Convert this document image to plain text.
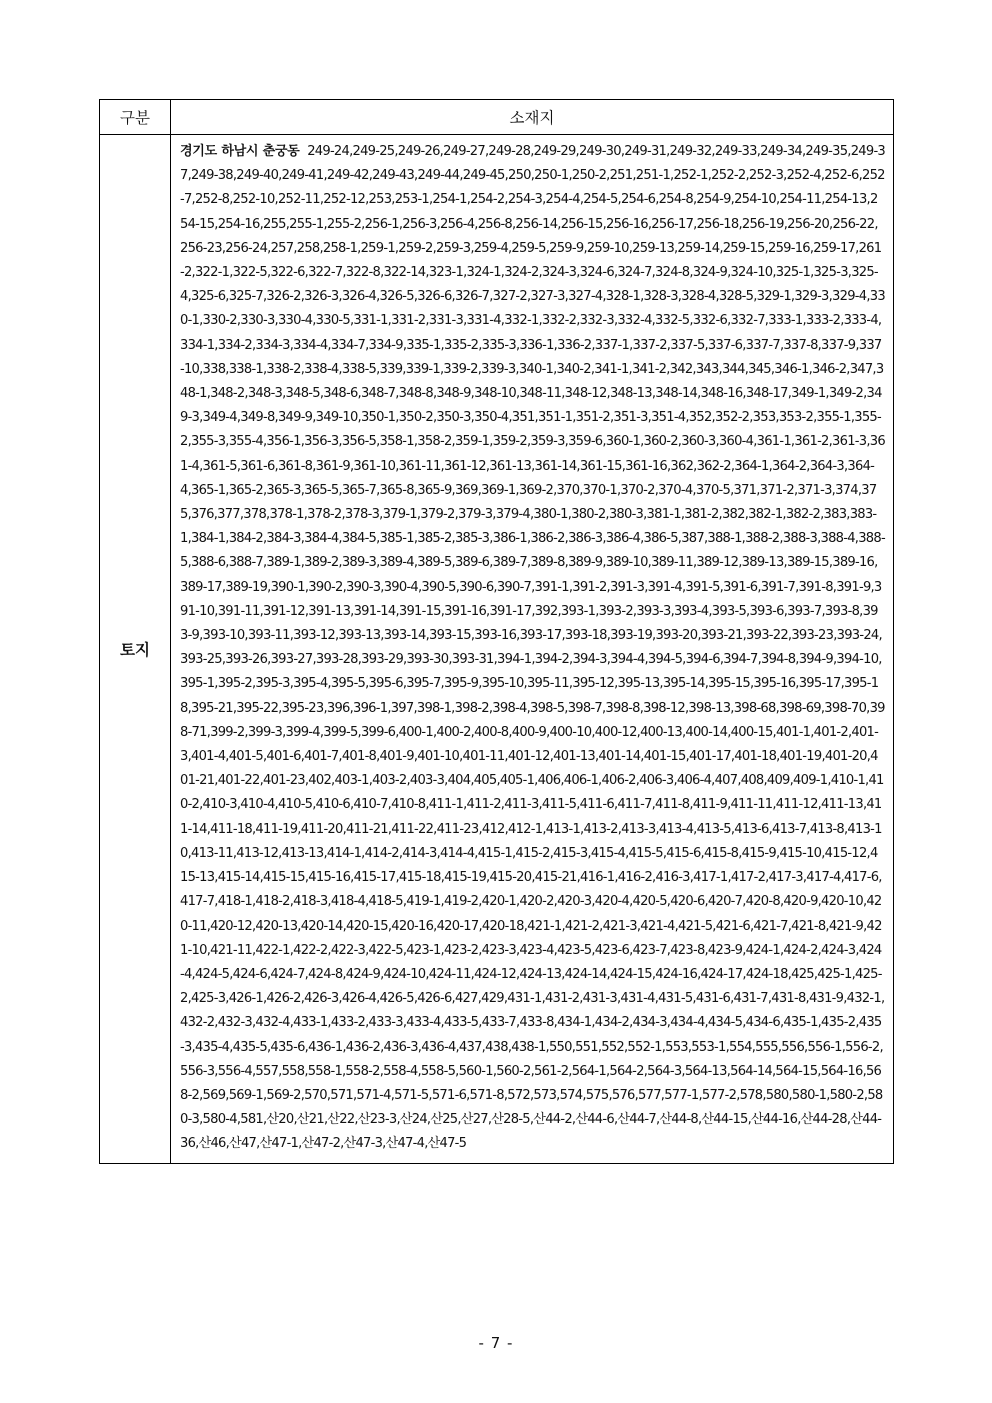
구분	소재지
토지	경기도 하남시 춘궁동 249-24,249-25,249-26,249-27,249-28,249-29,249-30,249-31,249-32,249-33,249-34,249-35,249-37,249-38,249-40,249-41,249-42,249-43,249-44,249-45,250,250-1,250-2,251,251-1,252-1,252-2,252-3,252-4,252-6,252-7,252-8,252-10,252-11,252-12,253,253-1,254-1,254-2,254-3,254-4,254-5,254-6,254-8,254-9,254-10,254-11,254-13,254-15,254-16,255,255-1,255-2,256-1,256-3,256-4,256-8,256-14,256-15,256-16,256-17,256-18,256-19,256-20,256-22,256-23,256-24,257,258,258-1,259-1,259-2,259-3,259-4,259-5,259-9,259-10,259-13,259-14,259-15,259-16,259-17,261-2,322-1,322-5,322-6,322-7,322-8,322-14,323-1,324-1,324-2,324-3,324-6,324-7,324-8,324-9,324-10,325-1,325-3,325-4,325-6,325-7,326-2,326-3,326-4,326-5,326-6,326-7,327-2,327-3,327-4,328-1,328-3,328-4,328-5,329-1,329-3,329-4,330-1,330-2,330-3,330-4,330-5,331-1,331-2,331-3,331-4,332-1,332-2,332-3,332-4,332-5,332-6,332-7,333-1,333-2,333-4,334-1,334-2,334-3,334-4,334-7,334-9,335-1,335-2,335-3,336-1,336-2,337-1,337-2,337-5,337-6,337-7,337-8,337-9,337-10,338,338-1,338-2,338-4,338-5,339,339-1,339-2,339-3,340-1,340-2,341-1,341-2,342,343,344,345,346-1,346-2,347,348-1,348-2,348-3,348-5,348-6,348-7,348-8,348-9,348-10,348-11,348-12,348-13,348-14,348-16,348-17,349-1,349-2,349-3,349-4,349-8,349-9,349-10,350-1,350-2,350-3,350-4,351,351-1,351-2,351-3,351-4,352,352-2,353,353-2,355-1,355-2,355-3,355-4,356-1,356-3,356-5,358-1,358-2,359-1,359-2,359-3,359-6,360-1,360-2,360-3,360-4,361-1,361-2,361-3,361-4,361-5,361-6,361-8,361-9,361-10,361-11,361-12,361-13,361-14,361-15,361-16,362,362-2,364-1,364-2,364-3,364-4,365-1,365-2,365-3,365-5,365-7,365-8,365-9,369,369-1,369-2,370,370-1,370-2,370-4,370-5,371,371-2,371-3,374,375,376,377,378,378-1,378-2,378-3,379-1,379-2,379-3,379-4,380-1,380-2,380-3,381-1,381-2,382,382-1,382-2,383,383-1,384-1,384-2,384-3,384-4,384-5,385-1,385-2,385-3,386-1,386-2,386-3,386-4,386-5,387,388-1,388-2,388-3,388-4,388-5,388-6,388-7,389-1,389-2,389-3,389-4,389-5,389-6,389-7,389-8,389-9,389-10,389-11,389-12,389-13,389-15,389-16,389-17,389-19,390-1,390-2,390-3,390-4,390-5,390-6,390-7,391-1,391-2,391-3,391-4,391-5,391-6,391-7,391-8,391-9,391-10,391-11,391-12,391-13,391-14,391-15,391-16,391-17,392,393-1,393-2,393-3,393-4,393-5,393-6,393-7,393-8,393-9,393-10,393-11,393-12,393-13,393-14,393-15,393-16,393-17,393-18,393-19,393-20,393-21,393-22,393-23,393-24,393-25,393-26,393-27,393-28,393-29,393-30,393-31,394-1,394-2,394-3,394-4,394-5,394-6,394-7,394-8,394-9,394-10,395-1,395-2,395-3,395-4,395-5,395-6,395-7,395-9,395-10,395-11,395-12,395-13,395-14,395-15,395-16,395-17,395-18,395-21,395-22,395-23,396,396-1,397,398-1,398-2,398-4,398-5,398-7,398-8,398-12,398-13,398-68,398-69,398-70,398-71,399-2,399-3,399-4,399-5,399-6,400-1,400-2,400-8,400-9,400-10,400-12,400-13,400-14,400-15,401-1,401-2,401-3,401-4,401-5,401-6,401-7,401-8,401-9,401-10,401-11,401-12,401-13,401-14,401-15,401-17,401-18,401-19,401-20,401-21,401-22,401-23,402,403-1,403-2,403-3,404,405,405-1,406,406-1,406-2,406-3,406-4,407,408,409,409-1,410-1,410-2,410-3,410-4,410-5,410-6,410-7,410-8,411-1,411-2,411-3,411-5,411-6,411-7,411-8,411-9,411-11,411-12,411-13,411-14,411-18,411-19,411-20,411-21,411-22,411-23,412,412-1,413-1,413-2,413-3,413-4,413-5,413-6,413-7,413-8,413-10,413-11,413-12,413-13,414-1,414-2,414-3,414-4,415-1,415-2,415-3,415-4,415-5,415-6,415-8,415-9,415-10,415-12,415-13,415-14,415-15,415-16,415-17,415-18,415-19,415-20,415-21,416-1,416-2,416-3,417-1,417-2,417-3,417-4,417-6,417-7,418-1,418-2,418-3,418-4,418-5,419-1,419-2,420-1,420-2,420-3,420-4,420-5,420-6,420-7,420-8,420-9,420-10,420-11,420-12,420-13,420-14,420-15,420-16,420-17,420-18,421-1,421-2,421-3,421-4,421-5,421-6,421-7,421-8,421-9,421-10,421-11,422-1,422-2,422-3,422-5,423-1,423-2,423-3,423-4,423-5,423-6,423-7,423-8,423-9,424-1,424-2,424-3,424-4,424-5,424-6,424-7,424-8,424-9,424-10,424-11,424-12,424-13,424-14,424-15,424-16,424-17,424-18,425,425-1,425-2,425-3,426-1,426-2,426-3,426-4,426-5,426-6,427,429,431-1,431-2,431-3,431-4,431-5,431-6,431-7,431-8,431-9,432-1,432-2,432-3,432-4,433-1,433-2,433-3,433-4,433-5,433-7,433-8,434-1,434-2,434-3,434-4,434-5,434-6,435-1,435-2,435-3,435-4,435-5,435-6,436-1,436-2,436-3,436-4,437,438,438-1,550,551,552,552-1,553,553-1,554,555,556,556-1,556-2,556-3,556-4,557,558,558-1,558-2,558-4,558-5,560-1,560-2,561-2,564-1,564-2,564-3,564-13,564-14,564-15,564-16,568-2,569,569-1,569-2,570,571,571-4,571-5,571-6,571-8,572,573,574,575,576,577,577-1,577-2,578,580,580-1,580-2,580-3,580-4,581,산20,산21,산22,산23-3,산24,산25,산27,산28-5,산44-2,산44-6,산44-7,산44-8,산44-15,산44-16,산44-28,산44-36,산46,산47,산47-1,산47-2,산47-3,산47-4,산47-5
- 7 -
